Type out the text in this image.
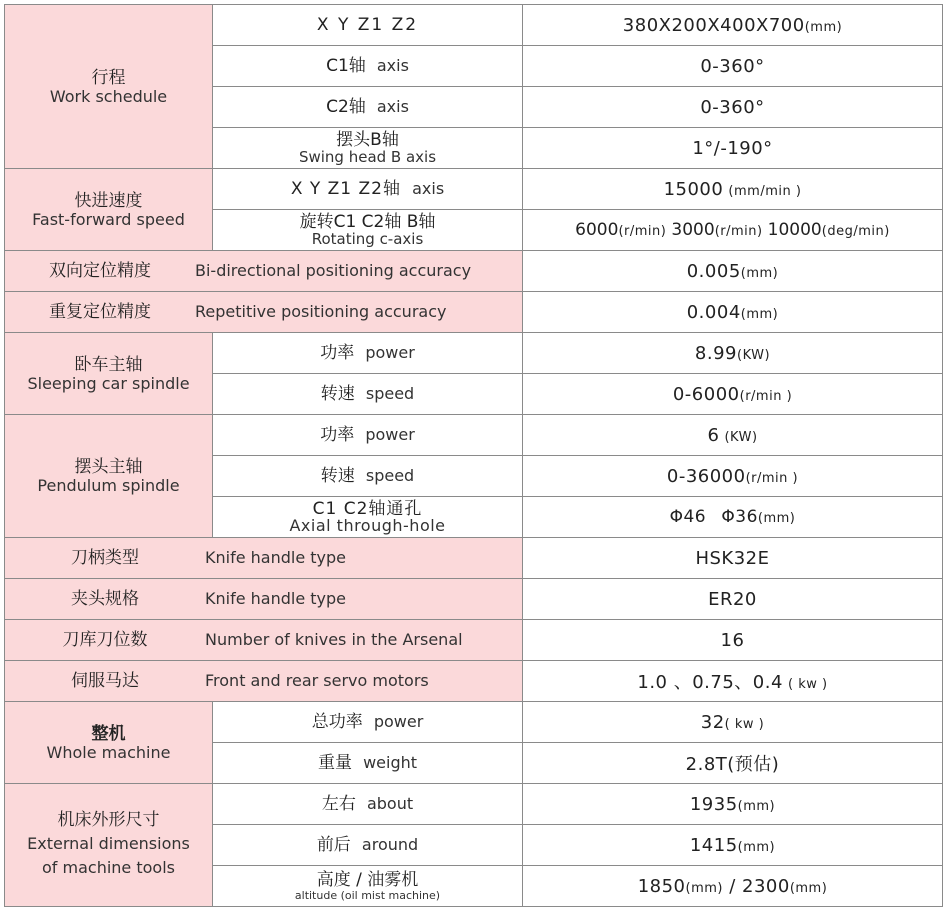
行程
Work schedule	X Y Z1 Z2	380X200X400X700(mm)
	C1轴 axis	0-360°
	C2轴 axis	0-360°

	摆头B轴
Swing head B axis	1°/-190°

快进速度
Fast-forward speed	X Y Z1 Z2轴 axis	15000 (mm/min )

	旋转C1 C2轴 B轴
Rotating c-axis	6000(r/min) 3000(r/min) 10000(deg/min)
双向定位精度 Bi-directional positioning accuracy		0.005(mm)
重复定位精度 Repetitive positioning accuracy		0.004(mm)

卧车主轴
Sleeping car spindle	功率 power	8.99(KW)
	转速 speed	0-6000(r/min )

摆头主轴
Pendulum spindle	功率 power	6 (KW)
	转速 speed	0-36000(r/min )

	C1 C2轴通孔
Axial through-hole	Φ46 Φ36(mm)
刀柄类型 Knife handle type		HSK32E
夹头规格 Knife handle type		ER20
刀库刀位数 Number of knives in the Arsenal		16
伺服马达 Front and rear servo motors		1.0 、0.75、0.4 ( kw )

整机
Whole machine	总功率 power	32( kw )
	重量 weight	2.8T(预估)

机床外形尺寸
External dimensions
of machine tools	左右 about	1935(mm)
	前后 around	1415(mm)

	高度 / 油雾机
altitude (oil mist machine)	1850(mm) / 2300(mm)
